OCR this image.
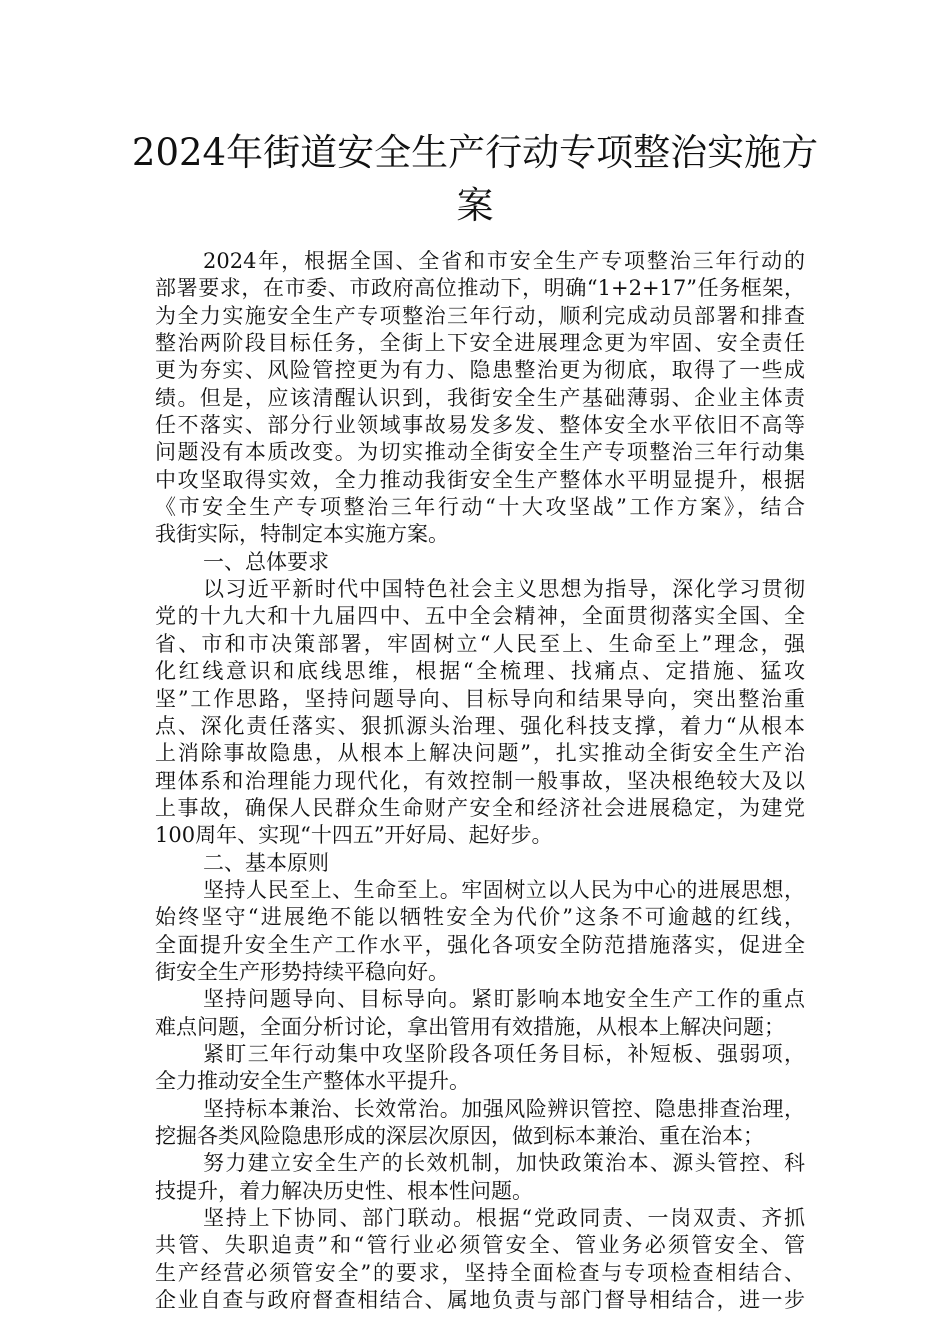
2024年街道安全生产行动专项整治实施方
案
2024年，根据全国、全省和市安全生产专项整治三年行动的
部署要求，在市委、市政府高位推动下，明确“1+2+17”任务框架，
为全力实施安全生产专项整治三年行动，顺利完成动员部署和排查
整治两阶段目标任务，全街上下安全进展理念更为牢固、安全责任
更为夯实、风险管控更为有力、隐患整治更为彻底，取得了一些成
绩。但是，应该清醒认识到，我街安全生产基础薄弱、企业主体责
任不落实、部分行业领域事故易发多发、整体安全水平依旧不高等
问题没有本质改变。为切实推动全街安全生产专项整治三年行动集
中攻坚取得实效，全力推动我街安全生产整体水平明显提升，根据
《市安全生产专项整治三年行动“十大攻坚战”工作方案》，结合
我街实际，特制定本实施方案。
一、总体要求
以习近平新时代中国特色社会主义思想为指导，深化学习贯彻
党的十九大和十九届四中、五中全会精神，全面贯彻落实全国、全
省、市和市决策部署，牢固树立“人民至上、生命至上”理念，强
化红线意识和底线思维，根据“全梳理、找痛点、定措施、猛攻
坚”工作思路，坚持问题导向、目标导向和结果导向，突出整治重
点、深化责任落实、狠抓源头治理、强化科技支撑，着力“从根本
上消除事故隐患，从根本上解决问题”，扎实推动全街安全生产治
理体系和治理能力现代化，有效控制一般事故，坚决根绝较大及以
上事故，确保人民群众生命财产安全和经济社会进展稳定，为建党
100周年、实现“十四五”开好局、起好步。
二、基本原则
坚持人民至上、生命至上。牢固树立以人民为中心的进展思想，
始终坚守“进展绝不能以牺牲安全为代价”这条不可逾越的红线，
全面提升安全生产工作水平，强化各项安全防范措施落实，促进全
街安全生产形势持续平稳向好。
坚持问题导向、目标导向。紧盯影响本地安全生产工作的重点
难点问题，全面分析讨论，拿出管用有效措施，从根本上解决问题；
紧盯三年行动集中攻坚阶段各项任务目标，补短板、强弱项，
全力推动安全生产整体水平提升。
坚持标本兼治、长效常治。加强风险辨识管控、隐患排查治理，
挖掘各类风险隐患形成的深层次原因，做到标本兼治、重在治本；
努力建立安全生产的长效机制，加快政策治本、源头管控、科
技提升，着力解决历史性、根本性问题。
坚持上下协同、部门联动。根据“党政同责、一岗双责、齐抓
共管、失职追责”和“管行业必须管安全、管业务必须管安全、管
生产经营必须管安全”的要求，坚持全面检查与专项检查相结合、
企业自查与政府督查相结合、属地负责与部门督导相结合，进一步
